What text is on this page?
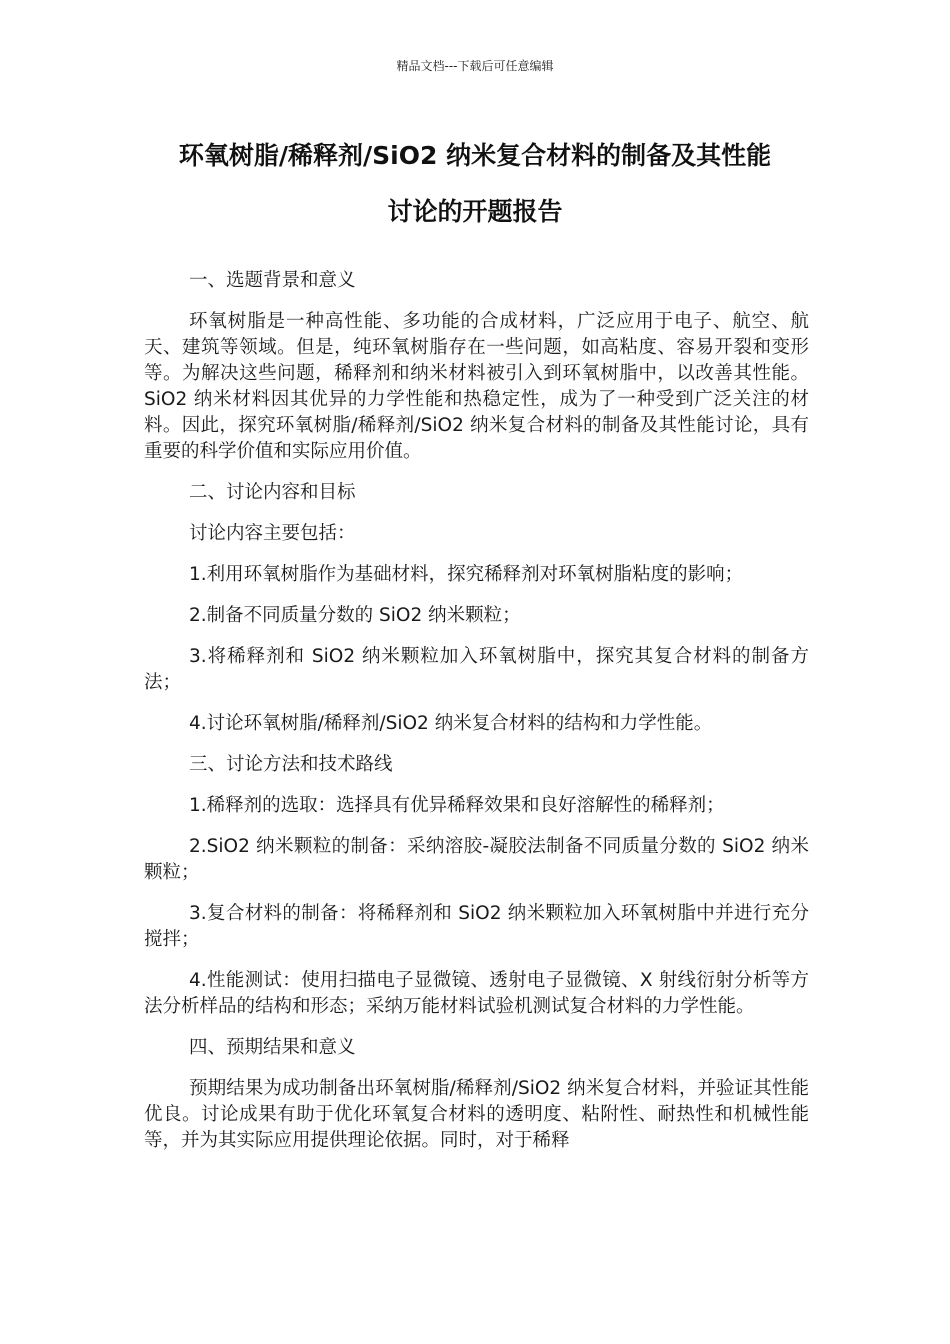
精品文档---下载后可任意编辑
环氧树脂/稀释剂/SiO2 纳米复合材料的制备及其性能
讨论的开题报告

一、选题背景和意义

环氧树脂是一种高性能、多功能的合成材料，广泛应用于电子、航空、航天、建筑等领域。但是，纯环氧树脂存在一些问题，如高粘度、容易开裂和变形等。为解决这些问题，稀释剂和纳米材料被引入到环氧树脂中，以改善其性能。SiO2 纳米材料因其优异的力学性能和热稳定性，成为了一种受到广泛关注的材料。因此，探究环氧树脂/稀释剂/SiO2 纳米复合材料的制备及其性能讨论，具有重要的科学价值和实际应用价值。

二、讨论内容和目标

讨论内容主要包括：

1.利用环氧树脂作为基础材料，探究稀释剂对环氧树脂粘度的影响；

2.制备不同质量分数的 SiO2 纳米颗粒；

3.将稀释剂和 SiO2 纳米颗粒加入环氧树脂中，探究其复合材料的制备方法；

4.讨论环氧树脂/稀释剂/SiO2 纳米复合材料的结构和力学性能。

三、讨论方法和技术路线

1.稀释剂的选取：选择具有优异稀释效果和良好溶解性的稀释剂；

2.SiO2 纳米颗粒的制备：采纳溶胶-凝胶法制备不同质量分数的 SiO2 纳米颗粒；

3.复合材料的制备：将稀释剂和 SiO2 纳米颗粒加入环氧树脂中并进行充分搅拌；

4.性能测试：使用扫描电子显微镜、透射电子显微镜、X 射线衍射分析等方法分析样品的结构和形态；采纳万能材料试验机测试复合材料的力学性能。

四、预期结果和意义

预期结果为成功制备出环氧树脂/稀释剂/SiO2 纳米复合材料，并验证其性能优良。讨论成果有助于优化环氧复合材料的透明度、粘附性、耐热性和机械性能等，并为其实际应用提供理论依据。同时，对于稀释
